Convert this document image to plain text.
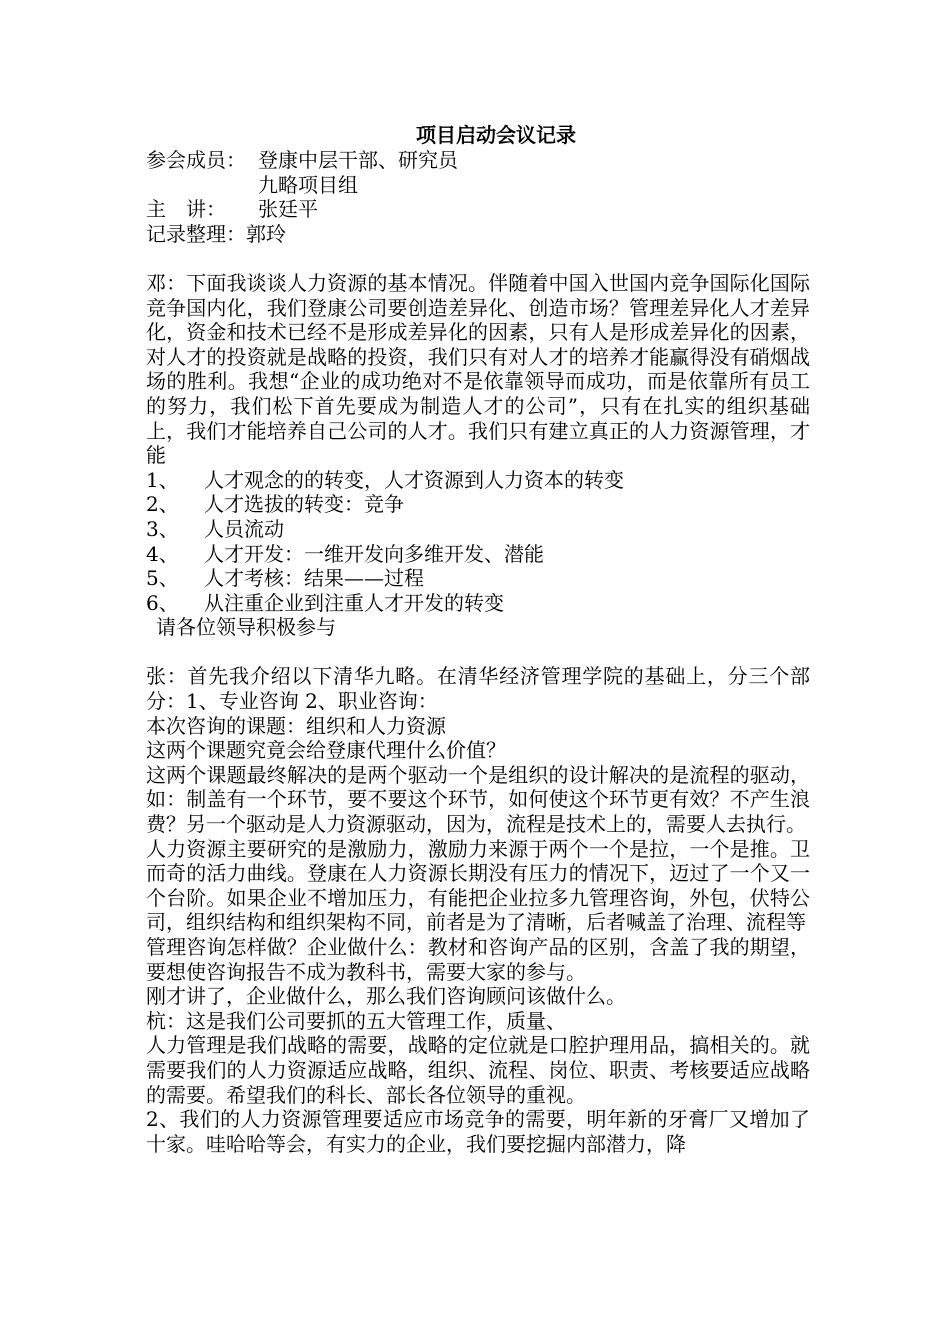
项目启动会议记录
参会成员： 登康中层干部、研究员
九略项目组
主　讲：	张廷平
记录整理： 郭玲

邓：下面我谈谈人力资源的基本情况。伴随着中国入世国内竞争国际化国际竞争国内化，我们登康公司要创造差异化、创造市场？管理差异化人才差异化，资金和技术已经不是形成差异化的因素，只有人是形成差异化的因素，对人才的投资就是战略的投资，我们只有对人才的培养才能赢得没有硝烟战场的胜利。我想“企业的成功绝对不是依靠领导而成功，而是依靠所有员工的努力，我们松下首先要成为制造人才的公司”，只有在扎实的组织基础上，我们才能培养自己公司的人才。我们只有建立真正的人力资源管理，才能

1、	人才观念的的转变，人才资源到人力资本的转变
2、	人才选拔的转变：竞争
3、	人员流动
4、	人才开发：一维开发向多维开发、潜能
5、	人才考核：结果——过程
6、	从注重企业到注重人才开发的转变
请各位领导积极参与

张：首先我介绍以下清华九略。在清华经济管理学院的基础上，分三个部分：1、专业咨询 2、职业咨询：

本次咨询的课题：组织和人力资源
这两个课题究竟会给登康代理什么价值？

这两个课题最终解决的是两个驱动一个是组织的设计解决的是流程的驱动，如：制盖有一个环节，要不要这个环节，如何使这个环节更有效？不产生浪费？另一个驱动是人力资源驱动，因为，流程是技术上的，需要人去执行。

人力资源主要研究的是激励力，激励力来源于两个一个是拉，一个是推。卫而奇的活力曲线。登康在人力资源长期没有压力的情况下，迈过了一个又一个台阶。如果企业不增加压力，有能把企业拉多九管理咨询，外包，伏特公司，组织结构和组织架构不同，前者是为了清晰，后者喊盖了治理、流程等

管理咨询怎样做？企业做什么：教材和咨询产品的区别，含盖了我的期望，要想使咨询报告不成为教科书，需要大家的参与。

刚才讲了，企业做什么，那么我们咨询顾问该做什么。
杭：这是我们公司要抓的五大管理工作，质量、

人力管理是我们战略的需要，战略的定位就是口腔护理用品，搞相关的。就需要我们的人力资源适应战略，组织、流程、岗位、职责、考核要适应战略的需要。希望我们的科长、部长各位领导的重视。

2、我们的人力资源管理要适应市场竞争的需要，明年新的牙膏厂又增加了十家。哇哈哈等会，有实力的企业，我们要挖掘内部潜力，降
